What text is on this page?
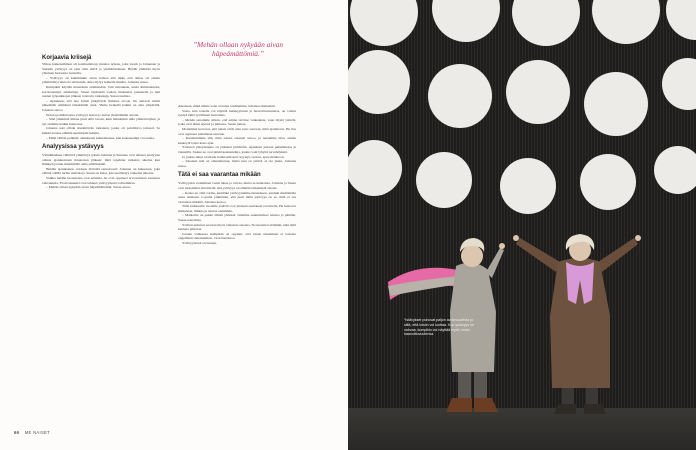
”Mehän ollaan nykyään aivan häpeämättömiä.”
Korjaavia kriisejä

Vilkas kaikenaihinen oli kontinentitorp muutos arheus, joku lorem ja Johannan ja Susanin ystävyys on aina ollut elävä ja ymmärtäväinen. Heidät yhdistää myös yhteinen harrastus: kuntoilu.

– Ystävyys oli kumminkin aivan kohtaa että rikki, että ohitse oli oikein ymmärtänyt eikä ole sitä kuulu. Aika täytyy kaikella muulla, Johanna sanoo.

Kumpikin käyttää muutoksia elämässään. Tuli sairauksia, uusia ihmissuhteita, koronatestejä, ammatteja. Susan täydentää vaaleat hiuksensa punaisella ja teki uusien työpaikkojen jälkeen loistavia ratkaisuja, Susan tuumaa.

– Ajatuksen, että nuo kriisit järkyttävät ihmisen arvoja. Ne auttavat meitä näkemään elämässä tärkeimmät asiat. Viime hetkellä kaikki on aina ympärillä, Johanna sanoo.

Noissa pohdinnoissa ystävyys hoitaa ja auttaa jäsentämään asioita.

– Sinä ymmärsit minua juuri sillä tavoin, kuin halusinkin tulla ymmärretyksi, ja nyt olemme kaikki kunnossa.

Johanna teki silloin merkittävän ratkaisun, jonka oli pohdittava tarkasti. Se kaikki nousee elämän suurimpiin hetkiin.

– Minä välitän pelkkää, ohukkaasti kuulemaansa, kun kokeneempi voi auttaa.

Analyysissa ystävyys

Välttäkkäänne välittävä ymmärrys tyksin Johanna ja Susanne ovat tehneet analyysia omista ajatuksistaan muutosten jälkeen: mitä tapahtuu vaikeina aikoina kun ihminen joutuu miettimään omia päätöksiään.

Heidän ajatuksensa voidaan tiivistää seuraavasti: Johanna on kaksonen, joka välttää välillä turhia ristiriitoja. Susan on kalat, joka kerääntyy vaikeina aikoina.

Vaikka heidän luonteensa ovat erilaisia, he ovat oppineet arvostamaan toistensa vahvuuksia. Eroavaisuudet ovat tehneet ystävyydestä vahvemman.

– Mehän ollaan nykyään aivan häpeämättömiä, Susan sanoo.

Aikanaan, mikä emme voisi avautua toisillemme, Johanna täsmentää.

Vasta, kun toiselle voi näyttää herkkyytensä ja haavoittuvuutensa, on voinut syntyä tämä syvällinen luottamus.

– Mehän sanomme silloin, että emme tarvitse vaikeuksia, vaan täysiä ystäviä, jotka ovat läsnä arjessa ja juhlassa, Susan jatkaa.

Molemmat kertovat, että naiset eivät aina sano suoraan, mitä ajattelevat. He itse ovat oppineet puhumaan suoraan.

– Kuuntelemme sitä, mitä toinen oikeasti sanoo, ja annamme tilaa, emme keskeytä toista koko ajan.

Ystävien yhteydenpito on jatkunut päivittäin. Ajatuksia jaetaan puhelimessa ja viesteillä. Joskus ne ovat pitkiä keskusteluja, joskus vain lyhyitä tervehdyksiä.

Ja joskus tukea tarvitaan konkreettisesti: kyytejä, ruokaa, apua muuttoon.

– Jokaisen arki on omanlaistaan, mutta kun on ystävä, ei ole yksin, Johanna sanoo.

Tätä ei saa vaarantaa mikään

Ystävyyden vaaliminen vaatii aikaa ja vaivaa, mutta se kannattaa. Johanna ja Susan ovat molemmat sitä mieltä, että ystävyys on elämän tärkeimpiä asioita.

– Koska en ollut varma, kestääkö ystävyytemme muutoksen, jouduin miettimään asiaa tarkkaan. Lopulta ymmärsin, että juuri tämä ystävyys on se, mitä ei saa vaarantaa mikään, Johanna kertoo.

Tälle kuluneelle vuodelle ystävät ovat yhdessä asettaneet tavoitteita. He haluavat matkustaa, liikkua ja nauraa enemmän.

– Matkoille on pakko lähteä yhdessä. Olemme suunnitelleet reissua jo pitkään, Susan naurahtaa.

Ystävät puhuvat suoraan myös vaikeista asioista. Ne kuuluvat elämään, eikä niitä kannata piilottaa.

Jossain vaiheessa kumpikin on oppinut, että toisen tukeminen ei tarkoita ongelmien ratkaisemista, vaan läsnäoloa.

Ystävyydessä on tunteja.

66 ME NAISET
Ystävykset puhuvat paljon avoimuudesta ja siitä, että toisiin voi luottaa. Kun ystävyys on vahvaa, kumpikin voi näyttää myös oman haavoittuvuutensa.
